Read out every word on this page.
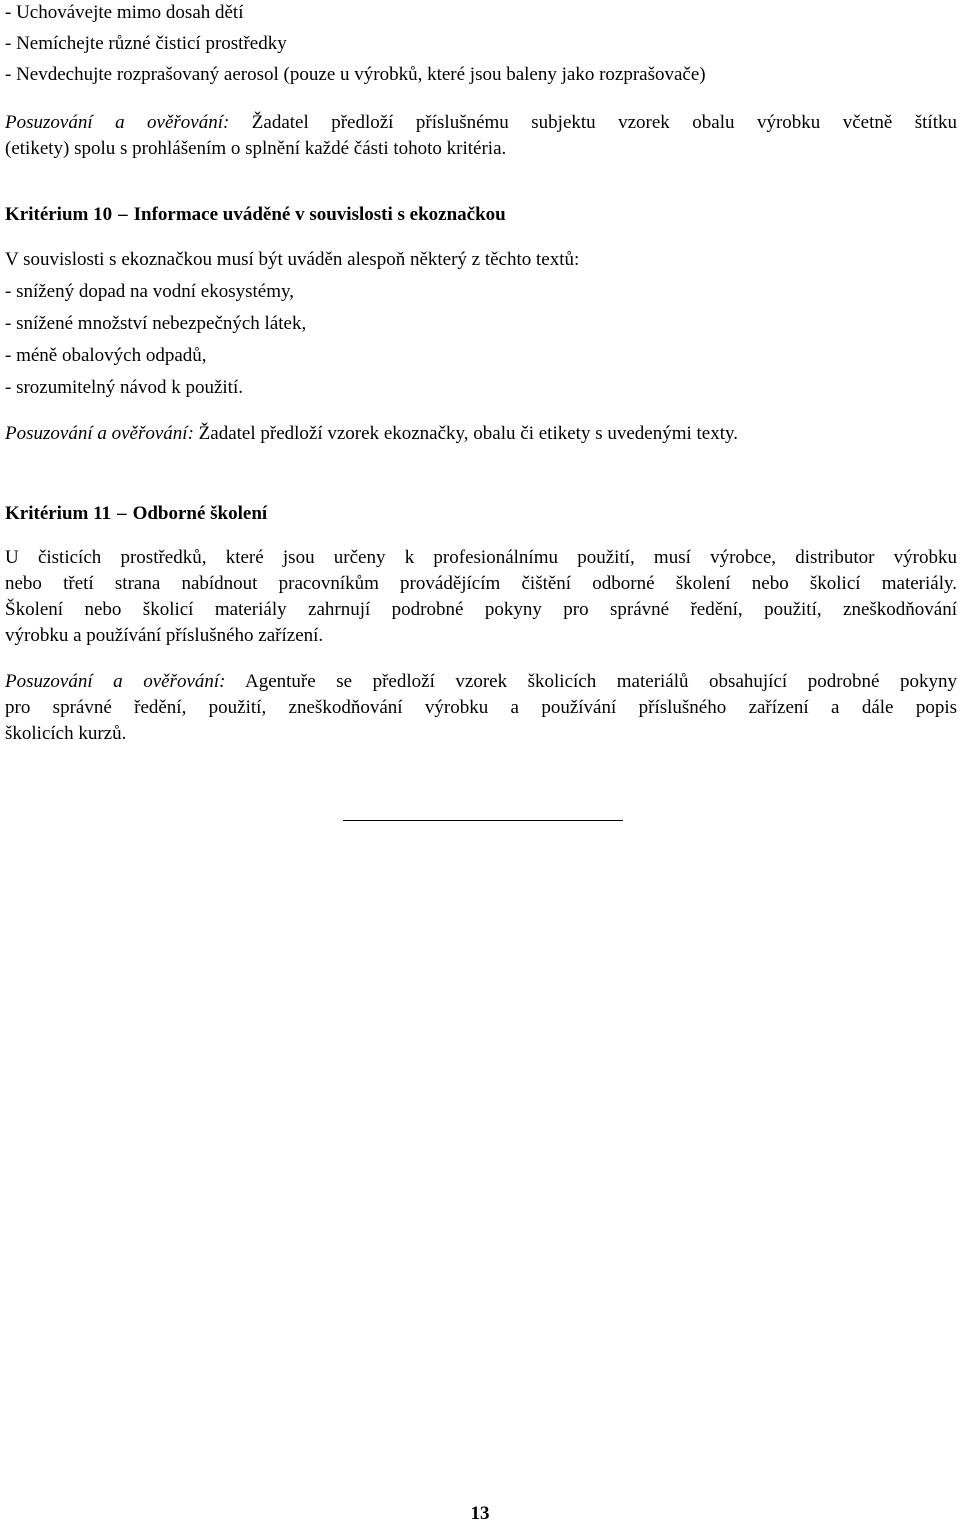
- Uchovávejte mimo dosah dětí
- Nemíchejte různé čisticí prostředky
- Nevdechujte rozprašovaný aerosol (pouze u výrobků, které jsou baleny jako rozprašovače)
Posuzování a ověřování: Žadatel předloží příslušnému subjektu vzorek obalu výrobku včetně štítku
(etikety) spolu s prohlášením o splnění každé části tohoto kritéria.
Kritérium 10 – Informace uváděné v souvislosti s ekoznačkou
V souvislosti s ekoznačkou musí být uváděn alespoň některý z těchto textů:
- snížený dopad na vodní ekosystémy,
- snížené množství nebezpečných látek,
- méně obalových odpadů,
- srozumitelný návod k použití.
Posuzování a ověřování: Žadatel předloží vzorek ekoznačky, obalu či etikety s uvedenými texty.
Kritérium 11 – Odborné školení
U čisticích prostředků, které jsou určeny k profesionálnímu použití, musí výrobce, distributor výrobku
nebo třetí strana nabídnout pracovníkům provádějícím čištění odborné školení nebo školicí materiály.
Školení nebo školicí materiály zahrnují podrobné pokyny pro správné ředění, použití, zneškodňování
výrobku a používání příslušného zařízení.
Posuzování a ověřování: Agentuře se předloží vzorek školicích materiálů obsahující podrobné pokyny
pro správné ředění, použití, zneškodňování výrobku a používání příslušného zařízení a dále popis
školicích kurzů.
13
